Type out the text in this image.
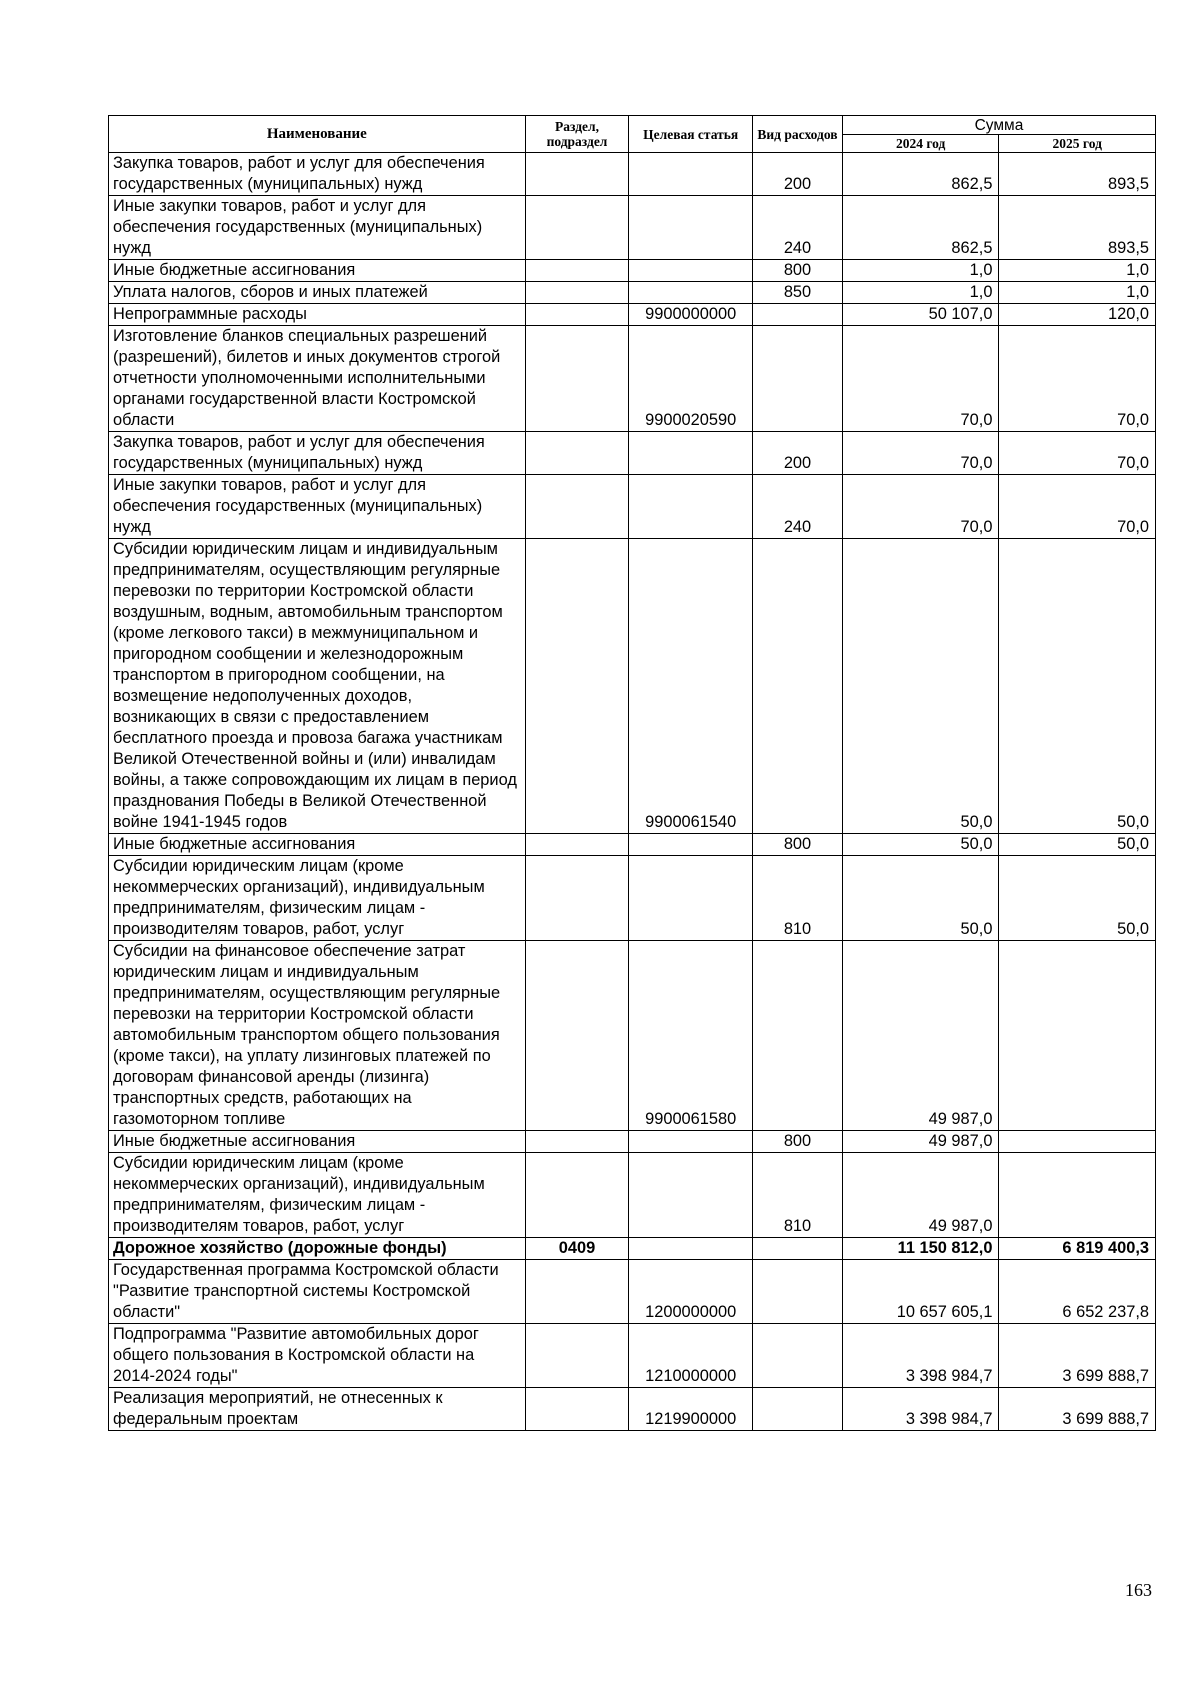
Наименование	Раздел, подраздел	Целевая статья	Вид расходов	Сумма	
				2024 год	2025 год
Закупка товаров, работ и услуг для обеспечения государственных (муниципальных) нужд			200	862,5	893,5
Иные закупки товаров, работ и услуг для обеспечения государственных (муниципальных) нужд			240	862,5	893,5
Иные бюджетные ассигнования			800	1,0	1,0
Уплата налогов, сборов и иных платежей			850	1,0	1,0
Непрограммные расходы		9900000000		50 107,0	120,0
Изготовление бланков специальных разрешений (разрешений), билетов и иных документов строгой отчетности уполномоченными исполнительными органами государственной власти Костромской области		9900020590		70,0	70,0
Закупка товаров, работ и услуг для обеспечения государственных (муниципальных) нужд			200	70,0	70,0
Иные закупки товаров, работ и услуг для обеспечения государственных (муниципальных) нужд			240	70,0	70,0
Субсидии юридическим лицам и индивидуальным предпринимателям, осуществляющим регулярные перевозки по территории Костромской области воздушным, водным, автомобильным транспортом (кроме легкового такси) в межмуниципальном и пригородном сообщении и железнодорожным транспортом в пригородном сообщении, на возмещение недополученных доходов, возникающих в связи с предоставлением бесплатного проезда и провоза багажа участникам Великой Отечественной войны и (или) инвалидам войны, а также сопровождающим их лицам в период празднования Победы в Великой Отечественной войне 1941-1945 годов		9900061540		50,0	50,0
Иные бюджетные ассигнования			800	50,0	50,0
Субсидии юридическим лицам (кроме некоммерческих организаций), индивидуальным предпринимателям, физическим лицам - производителям товаров, работ, услуг			810	50,0	50,0
Субсидии на финансовое обеспечение затрат юридическим лицам и индивидуальным предпринимателям, осуществляющим регулярные перевозки на территории Костромской области автомобильным транспортом общего пользования (кроме такси), на уплату лизинговых платежей по договорам финансовой аренды (лизинга) транспортных средств, работающих на газомоторном топливе		9900061580		49 987,0	
Иные бюджетные ассигнования			800	49 987,0	
Субсидии юридическим лицам (кроме некоммерческих организаций), индивидуальным предпринимателям, физическим лицам - производителям товаров, работ, услуг			810	49 987,0	
Дорожное хозяйство (дорожные фонды)	0409			11 150 812,0	6 819 400,3
Государственная программа Костромской области "Развитие транспортной системы Костромской области"		1200000000		10 657 605,1	6 652 237,8
Подпрограмма "Развитие автомобильных дорог общего пользования в Костромской области на 2014-2024 годы"		1210000000		3 398 984,7	3 699 888,7
Реализация мероприятий, не отнесенных к федеральным проектам		1219900000		3 398 984,7	3 699 888,7
163
